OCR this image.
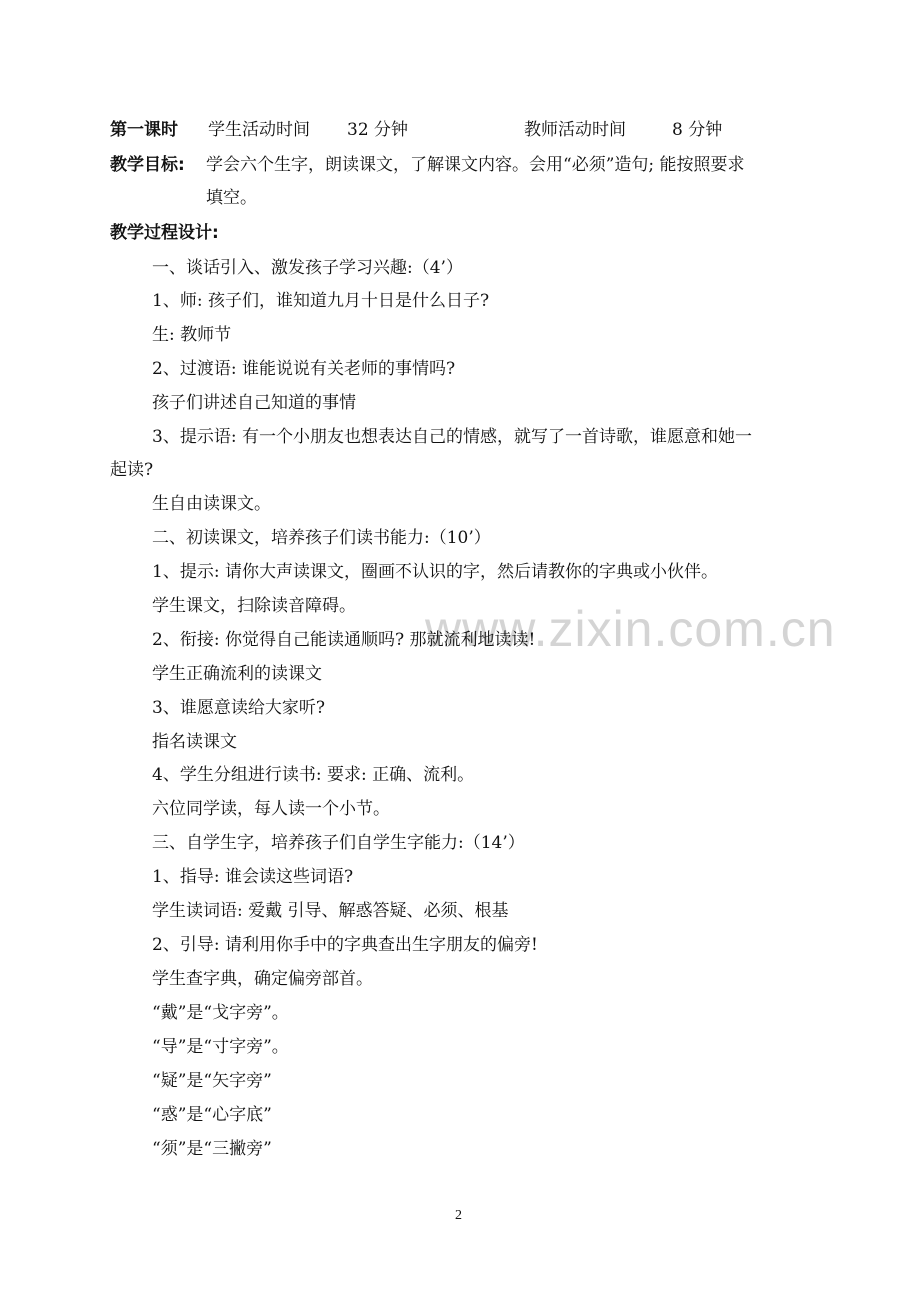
www.zixin.com.cn
第一课时 学生活动时间 32 分钟	教师活动时间	8 分钟
教学目标: 学会六个生字，朗读课文，了解课文内容。会用“必须”造句; 能按照要求
填空。
教学过程设计:
一、谈话引入、激发孩子学习兴趣:（4’）
1、师: 孩子们，谁知道九月十日是什么日子?
生: 教师节
2、过渡语: 谁能说说有关老师的事情吗?
孩子们讲述自己知道的事情
3、提示语: 有一个小朋友也想表达自己的情感，就写了一首诗歌，谁愿意和她一
起读?
生自由读课文。
二、初读课文，培养孩子们读书能力:（10’）
1、提示: 请你大声读课文，圈画不认识的字，然后请教你的字典或小伙伴。
学生课文，扫除读音障碍。
2、衔接: 你觉得自己能读通顺吗? 那就流利地读读!
学生正确流利的读课文
3、谁愿意读给大家听?
指名读课文
4、学生分组进行读书: 要求: 正确、流利。
六位同学读，每人读一个小节。
三、自学生字，培养孩子们自学生字能力:（14’）
1、指导: 谁会读这些词语?
学生读词语: 爱戴 引导、解惑答疑、必须、根基
2、引导: 请利用你手中的字典查出生字朋友的偏旁!
学生查字典，确定偏旁部首。
“戴”是“戈字旁”。
“导”是“寸字旁”。
“疑”是“矢字旁”
“惑”是“心字底”
“须”是“三撇旁”
2
